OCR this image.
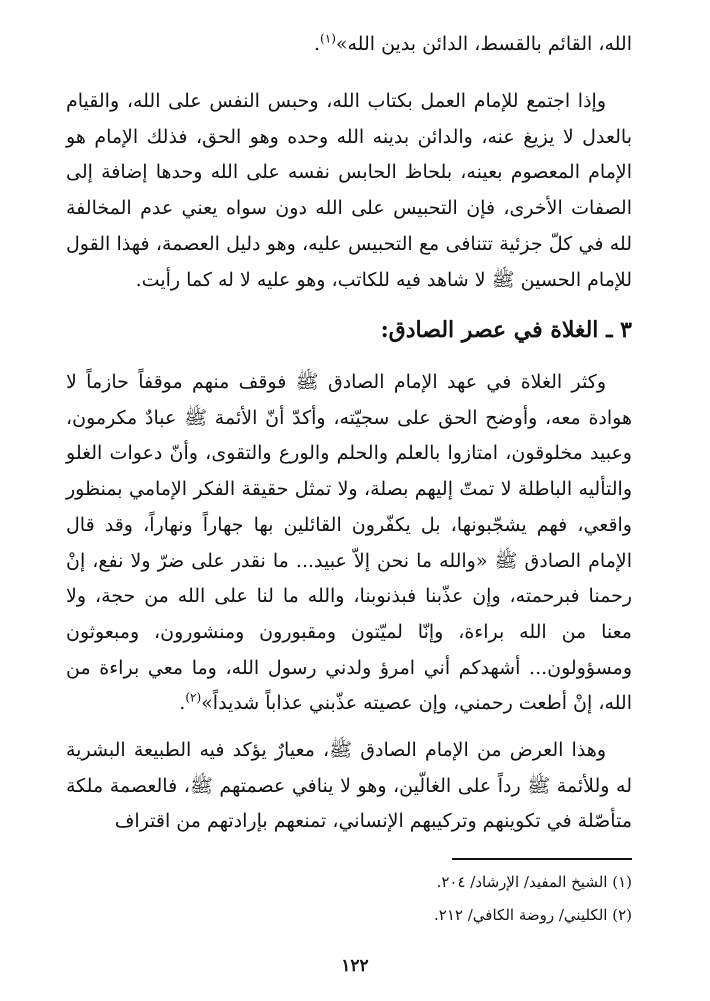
الله، القائم بالقسط، الدائن بدين الله»$^{(١)}$.

وإذا اجتمع للإمام العمل بكتاب الله، وحبس النفس على الله، والقيام بالعدل لا يزيغ عنه، والدائن بدينه الله وحده وهو الحق، فذلك الإمام هو الإمام المعصوم بعينه، بلحاظ الحابس نفسه على الله وحدها إضافة إلى الصفات الأخرى، فإن التحبيس على الله دون سواه يعني عدم المخالفة لله في كلّ جزئية تتنافى مع التحبيس عليه، وهو دليل العصمة، فهذا القول للإمام الحسين ﷺ لا شاهد فيه للكاتب، وهو عليه لا له كما رأيت.

٣ ـ الغلاة في عصر الصادق:

وكثر الغلاة في عهد الإمام الصادق ﷺ فوقف منهم موقفاً حازماً لا هوادة معه، وأوضح الحق على سجيّته، وأكدّ أنّ الأئمة ﷺ عبادٌ مكرمون، وعبيد مخلوقون، امتازوا بالعلم والحلم والورع والتقوى، وأنّ دعوات الغلو والتأليه الباطلة لا تمتّ إليهم بصلة، ولا تمثل حقيقة الفكر الإمامي بمنظور واقعي، فهم يشجّبونها، بل يكفّرون القائلين بها جهاراً ونهاراً، وقد قال الإمام الصادق ﷺ «والله ما نحن إلاّ عبيد... ما نقدر على ضرّ ولا نفع، إنْ رحمنا فبرحمته، وإن عذّبنا فبذنوبنا، والله ما لنا على الله من حجة، ولا معنا من الله براءة، وإنّا لميّتون ومقبورون ومنشورون، ومبعوثون ومسؤولون... أشهدكم أني امرؤ ولدني رسول الله، وما معي براءة من الله، إنْ أطعت رحمني، وإن عصيته عذّبني عذاباً شديداً»$^{(٢)}$.

وهذا العرض من الإمام الصادق ﷺ، معيارٌ يؤكد فيه الطبيعة البشرية له وللأئمة ﷺ رداً على الغالّين، وهو لا ينافي عصمتهم ﷺ، فالعصمة ملكة متأصّلة في تكوينهم وتركيبهم الإنساني، تمنعهم بإرادتهم من اقتراف

(١) الشيخ المفيد/ الإرشاد/ ٢٠٤.
(٢) الكليني/ روضة الكافي/ ٢١٢.
١٢٢
